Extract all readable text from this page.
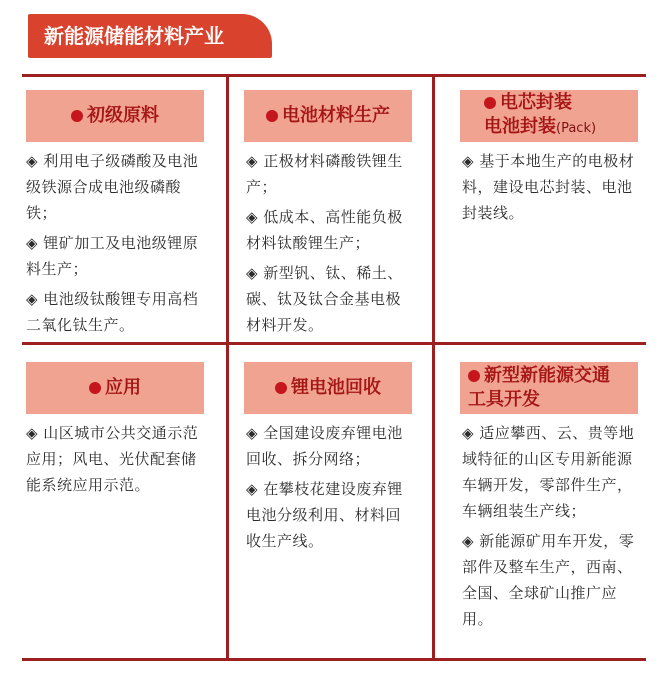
新能源储能材料产业
初级原料

◈ 利用电子级磷酸及电池级铁源合成电池级磷酸铁；

◈ 锂矿加工及电池级锂原料生产；

◈ 电池级钛酸锂专用高档二氧化钛生产。

电池材料生产

◈ 正极材料磷酸铁锂生产；

◈ 低成本、高性能负极材料钛酸锂生产；

◈ 新型钒、钛、稀土、碳、钛及钛合金基电极材料开发。

电芯封装
电池封装(Pack)

◈ 基于本地生产的电极材料，建设电芯封装、电池封装线。

应用

◈ 山区城市公共交通示范应用；风电、光伏配套储能系统应用示范。

锂电池回收

◈ 全国建设废弃锂电池回收、拆分网络；

◈ 在攀枝花建设废弃锂电池分级利用、材料回收生产线。

新型新能源交通
工具开发

◈ 适应攀西、云、贵等地域特征的山区专用新能源车辆开发，零部件生产，车辆组装生产线；

◈ 新能源矿用车开发，零部件及整车生产，西南、全国、全球矿山推广应用。
